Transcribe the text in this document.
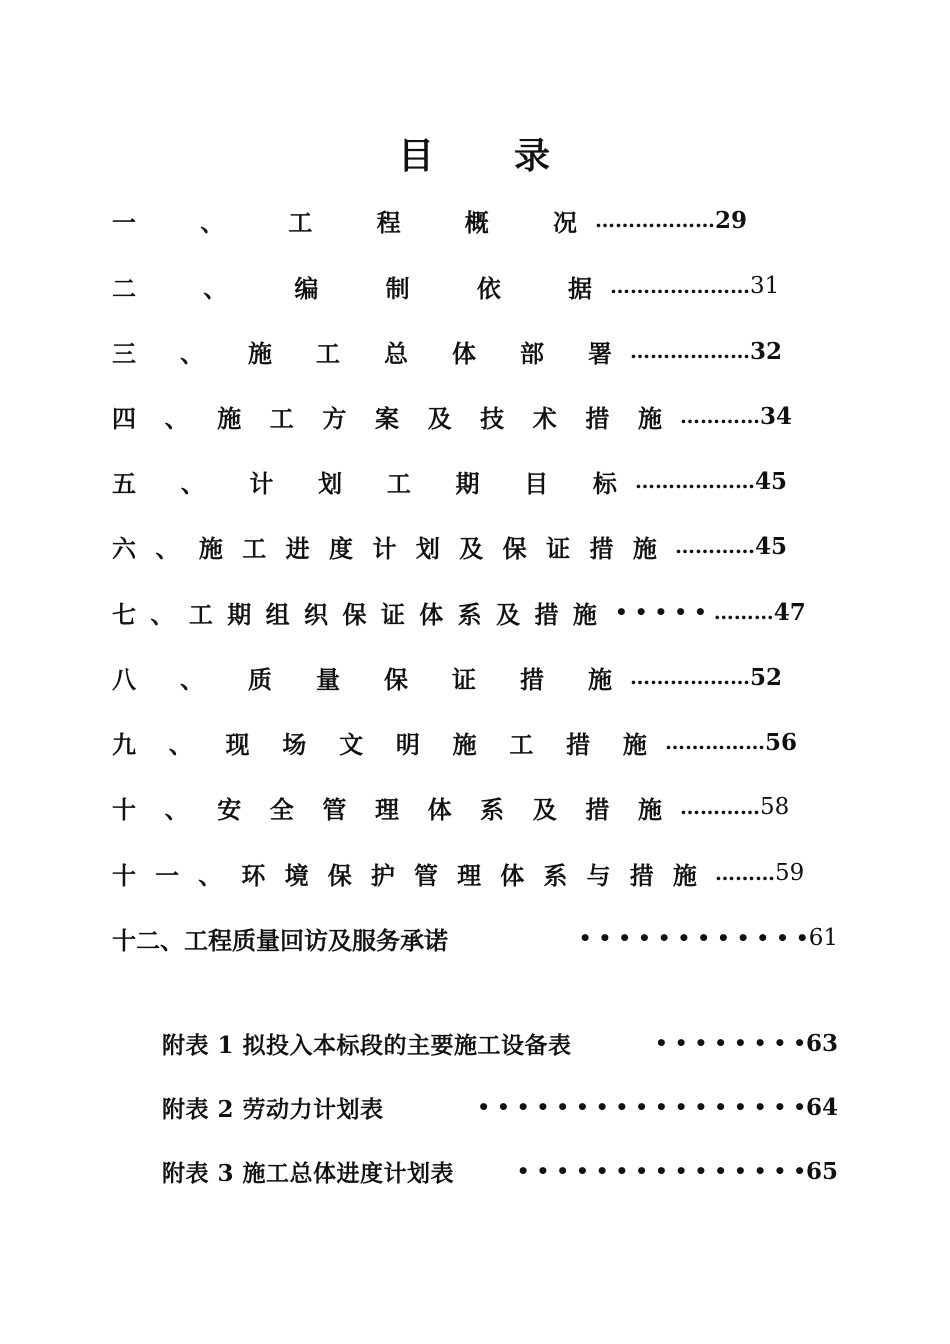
目 录
一	、	工	程	概	况 ……………… 29
二	、	编	制	依	据 ………………… 31
三 、 施 工 总 体 部 署 ……………… 32
四 、 施 工 方 案 及 技 术 措 施 ………… 34
五 、 计 划 工 期 目 标 ……………… 45
六 、 施 工 进 度 计 划 及 保 证 措 施 ………… 45
七 、 工 期 组 织 保 证 体 系 及 措 施 • • • • • ……… 47
八 、 质 量 保 证 措 施 ……………… 52
九 、 现 场 文 明 施 工 措 施 …………… 56
十 、 安 全 管 理 体 系 及 措 施 ………… 58
十 一 、 环 境 保 护 管 理 体 系 与 措 施 ……… 59
十二、工程质量回访及服务承诺	• • • • • • • • • • • • 61
附表 1 拟投入本标段的主要施工设备表	• • • • • • • • 63
附表 2 劳动力计划表	• • • • • • • • • • • • • • • • • 64
附表 3 施工总体进度计划表	• • • • • • • • • • • • • • • 65
